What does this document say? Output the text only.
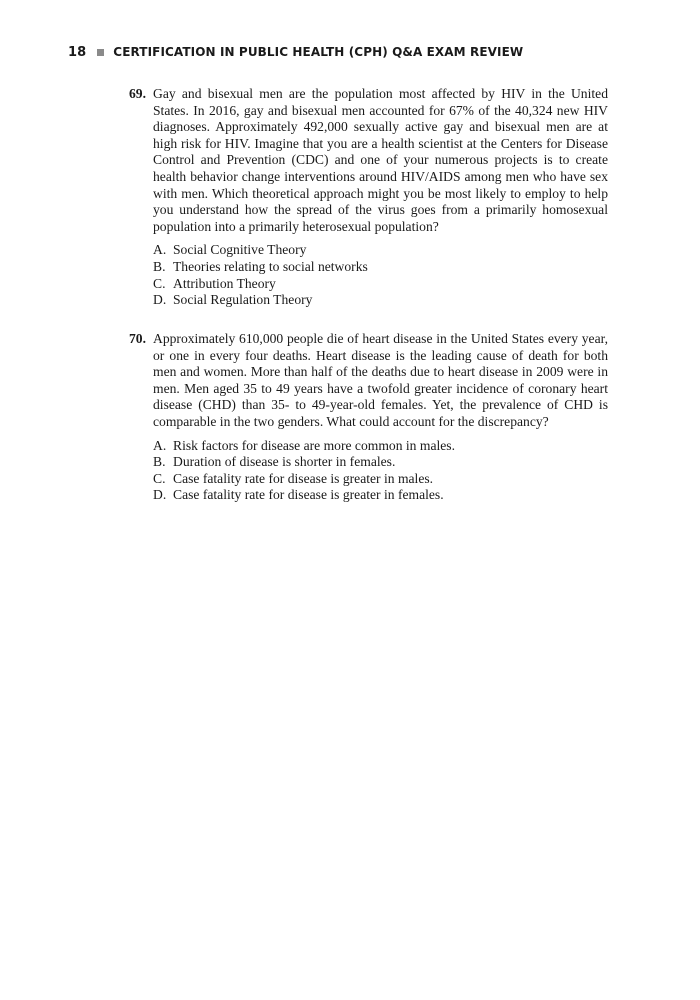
18 CERTIFICATION IN PUBLIC HEALTH (CPH) Q&A EXAM REVIEW
69. Gay and bisexual men are the population most affected by HIV in the United States. In 2016, gay and bisexual men accounted for 67% of the 40,324 new HIV diagnoses. Approximately 492,000 sexually active gay and bisexual men are at high risk for HIV. Imagine that you are a health scientist at the Centers for Disease Control and Prevention (CDC) and one of your numerous projects is to create health behavior change interventions around HIV/AIDS among men who have sex with men. Which theoretical approach might you be most likely to employ to help you understand how the spread of the virus goes from a primarily homosexual population into a primarily heterosexual population?

A. Social Cognitive Theory
B. Theories relating to social networks
C. Attribution Theory
D. Social Regulation Theory
70. Approximately 610,000 people die of heart disease in the United States every year, or one in every four deaths. Heart disease is the leading cause of death for both men and women. More than half of the deaths due to heart disease in 2009 were in men. Men aged 35 to 49 years have a twofold greater incidence of coronary heart disease (CHD) than 35- to 49-year-old females. Yet, the prevalence of CHD is comparable in the two genders. What could account for the discrepancy?

A. Risk factors for disease are more common in males.
B. Duration of disease is shorter in females.
C. Case fatality rate for disease is greater in males.
D. Case fatality rate for disease is greater in females.
